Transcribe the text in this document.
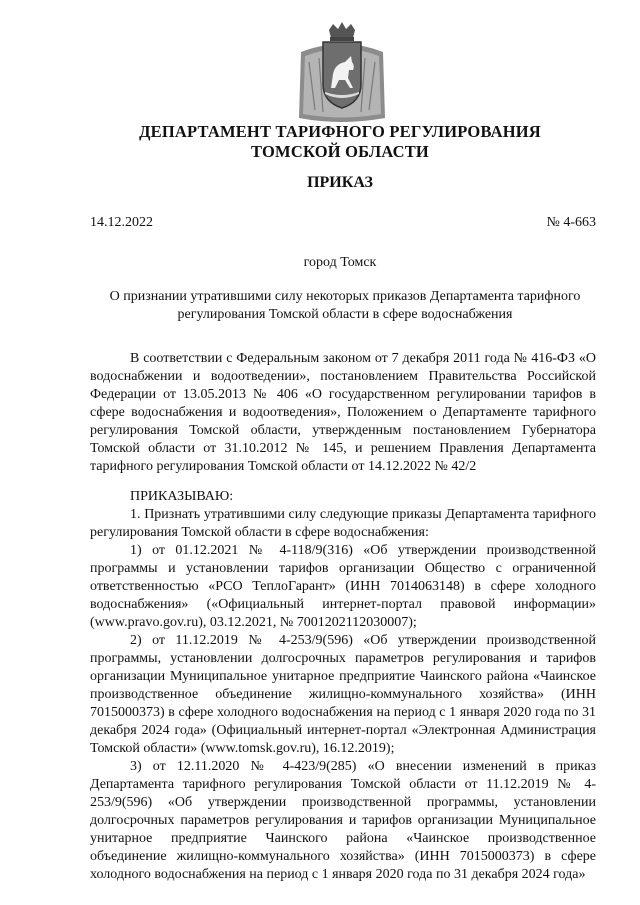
ДЕПАРТАМЕНТ ТАРИФНОГО РЕГУЛИРОВАНИЯ
ТОМСКОЙ ОБЛАСТИ
ПРИКАЗ
14.12.2022	№ 4-663
город Томск
О признании утратившими силу некоторых приказов Департамента тарифного регулирования Томской области в сфере водоснабжения

В соответствии с Федеральным законом от 7 декабря 2011 года № 416-ФЗ «О водоснабжении и водоотведении», постановлением Правительства Российской Федерации от 13.05.2013 № 406 «О государственном регулировании тарифов в сфере водоснабжения и водоотведения», Положением о Департаменте тарифного регулирования Томской области, утвержденным постановлением Губернатора Томской области от 31.10.2012 № 145, и решением Правления Департамента тарифного регулирования Томской области от 14.12.2022 № 42/2

ПРИКАЗЫВАЮ:

1. Признать утратившими силу следующие приказы Департамента тарифного регулирования Томской области в сфере водоснабжения:

1) от 01.12.2021 № 4-118/9(316) «Об утверждении производственной программы и установлении тарифов организации Общество с ограниченной ответственностью «РСО ТеплоГарант» (ИНН 7014063148) в сфере холодного водоснабжения» («Официальный интернет-портал правовой информации» (www.pravo.gov.ru), 03.12.2021, № 7001202112030007);

2) от 11.12.2019 № 4-253/9(596) «Об утверждении производственной программы, установлении долгосрочных параметров регулирования и тарифов организации Муниципальное унитарное предприятие Чаинского района «Чаинское производственное объединение жилищно-коммунального хозяйства» (ИНН 7015000373) в сфере холодного водоснабжения на период с 1 января 2020 года по 31 декабря 2024 года» (Официальный интернет-портал «Электронная Администрация Томской области» (www.tomsk.gov.ru), 16.12.2019);

3) от 12.11.2020 № 4-423/9(285) «О внесении изменений в приказ Департамента тарифного регулирования Томской области от 11.12.2019 № 4-253/9(596) «Об утверждении производственной программы, установлении долгосрочных параметров регулирования и тарифов организации Муниципальное унитарное предприятие Чаинского района «Чаинское производственное объединение жилищно-коммунального хозяйства» (ИНН 7015000373) в сфере холодного водоснабжения на период с 1 января 2020 года по 31 декабря 2024 года»
